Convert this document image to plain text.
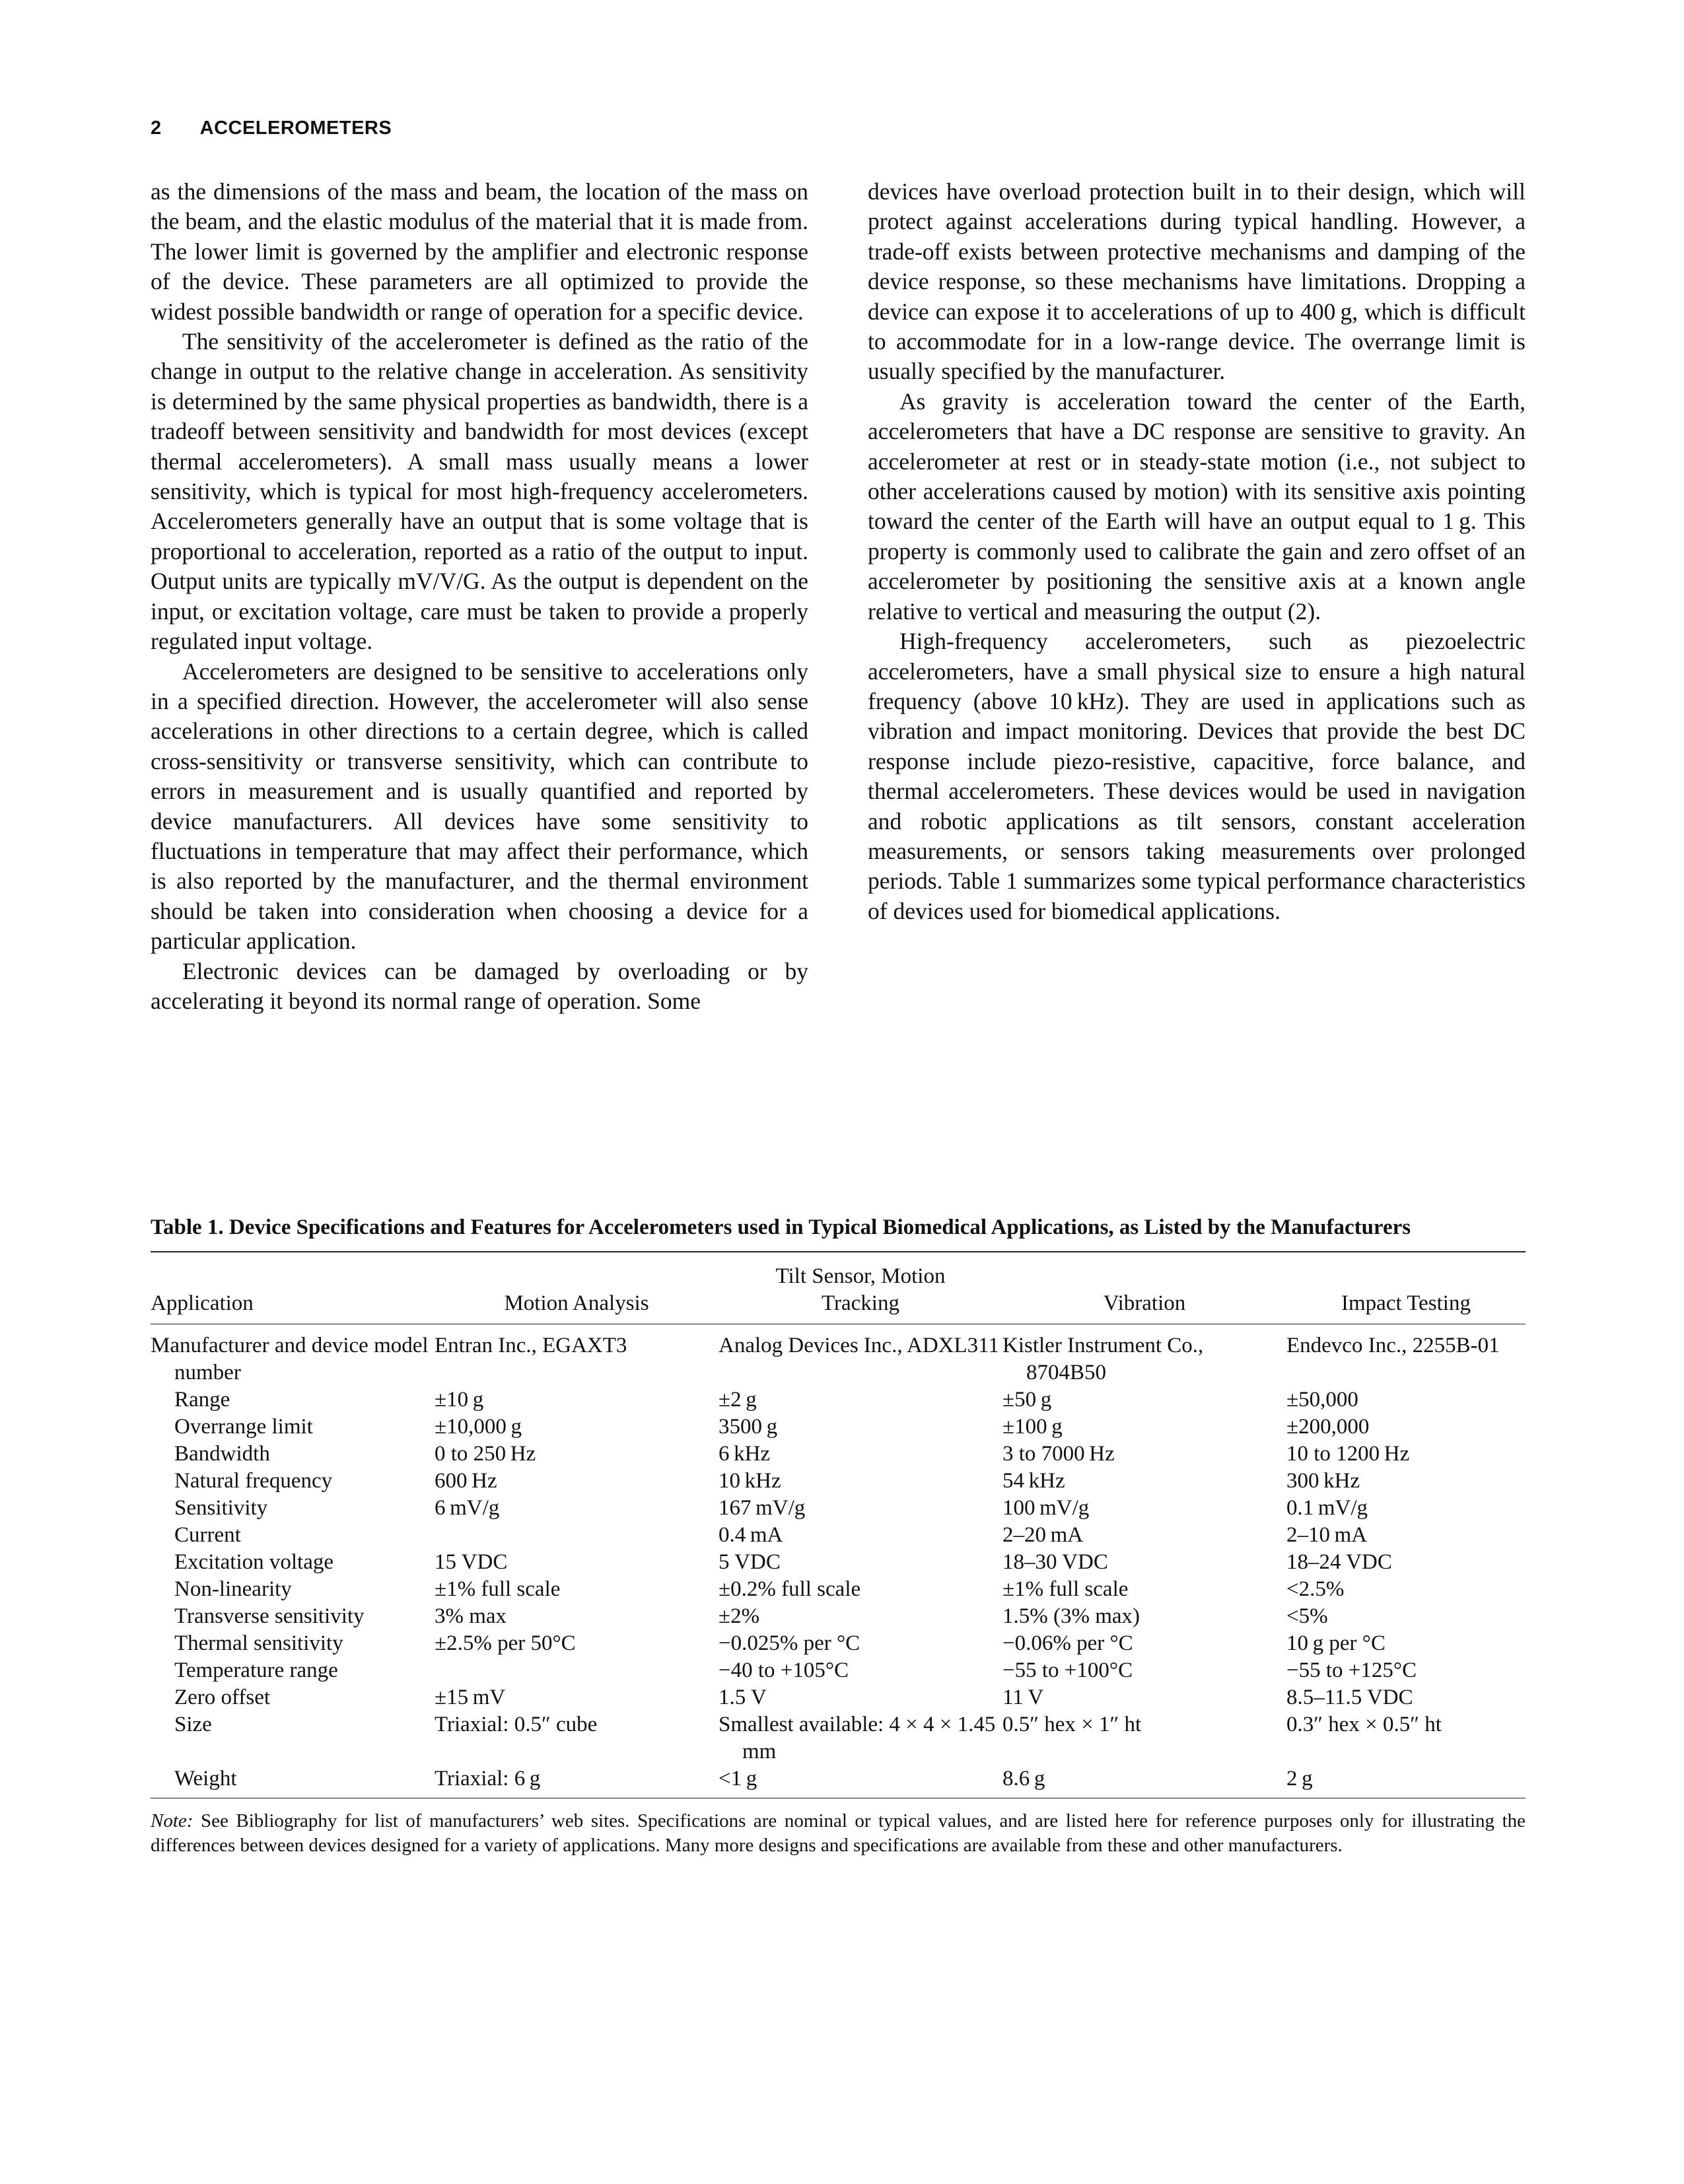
2 ACCELEROMETERS

as the dimensions of the mass and beam, the location of the mass on the beam, and the elastic modulus of the material that it is made from. The lower limit is governed by the amplifier and electronic response of the device. These parameters are all optimized to provide the widest possible bandwidth or range of operation for a specific device.

The sensitivity of the accelerometer is defined as the ratio of the change in output to the relative change in acceleration. As sensitivity is determined by the same physical properties as bandwidth, there is a tradeoff between sensitivity and bandwidth for most devices (except thermal accelerometers). A small mass usually means a lower sensitivity, which is typical for most high-frequency accelerometers. Accelerometers generally have an output that is some voltage that is proportional to acceleration, reported as a ratio of the output to input. Output units are typically mV/V/G. As the output is dependent on the input, or excitation voltage, care must be taken to provide a properly regulated input voltage.

Accelerometers are designed to be sensitive to accelerations only in a specified direction. However, the accelerometer will also sense accelerations in other directions to a certain degree, which is called cross-sensitivity or transverse sensitivity, which can contribute to errors in measurement and is usually quantified and reported by device manufacturers. All devices have some sensitivity to fluctuations in temperature that may affect their performance, which is also reported by the manufacturer, and the thermal environment should be taken into consideration when choosing a device for a particular application.

Electronic devices can be damaged by overloading or by accelerating it beyond its normal range of operation. Some

devices have overload protection built in to their design, which will protect against accelerations during typical handling. However, a trade-off exists between protective mechanisms and damping of the device response, so these mechanisms have limitations. Dropping a device can expose it to accelerations of up to 400 g, which is difficult to accommodate for in a low-range device. The overrange limit is usually specified by the manufacturer.

As gravity is acceleration toward the center of the Earth, accelerometers that have a DC response are sensitive to gravity. An accelerometer at rest or in steady-state motion (i.e., not subject to other accelerations caused by motion) with its sensitive axis pointing toward the center of the Earth will have an output equal to 1 g. This property is commonly used to calibrate the gain and zero offset of an accelerometer by positioning the sensitive axis at a known angle relative to vertical and measuring the output (2).

High-frequency accelerometers, such as piezoelectric accelerometers, have a small physical size to ensure a high natural frequency (above 10 kHz). They are used in applications such as vibration and impact monitoring. Devices that provide the best DC response include piezo-resistive, capacitive, force balance, and thermal accelerometers. These devices would be used in navigation and robotic applications as tilt sensors, constant acceleration measurements, or sensors taking measurements over prolonged periods. Table 1 summarizes some typical performance characteristics of devices used for biomedical applications.

Table 1. Device Specifications and Features for Accelerometers used in Typical Biomedical Applications, as Listed by the Manufacturers
Application	Motion Analysis	Tilt Sensor, Motion Tracking	Vibration	Impact Testing

Manufacturer and device model number	Entran Inc., EGAXT3	Analog Devices Inc., ADXL311	Kistler Instrument Co., 8704B50	Endevco Inc., 2255B-01

Range	±10 g	±2 g	±50 g	±50,000

Overrange limit	±10,000 g	3500 g	±100 g	±200,000

Bandwidth	0 to 250 Hz	6 kHz	3 to 7000 Hz	10 to 1200 Hz

Natural frequency	600 Hz	10 kHz	54 kHz	300 kHz

Sensitivity	6 mV/g	167 mV/g	100 mV/g	0.1 mV/g

Current		0.4 mA	2–20 mA	2–10 mA

Excitation voltage	15 VDC	5 VDC	18–30 VDC	18–24 VDC

Non-linearity	±1% full scale	±0.2% full scale	±1% full scale	<2.5%

Transverse sensitivity	3% max	±2%	1.5% (3% max)	<5%

Thermal sensitivity	±2.5% per 50°C	−0.025% per °C	−0.06% per °C	10 g per °C

Temperature range		−40 to +105°C	−55 to +100°C	−55 to +125°C

Zero offset	±15 mV	1.5 V	11 V	8.5–11.5 VDC

Size	Triaxial: 0.5″ cube	Smallest available: 4 × 4 × 1.45 mm	0.5″ hex × 1″ ht	0.3″ hex × 0.5″ ht

Weight	Triaxial: 6 g	<1 g	8.6 g	2 g
Note: See Bibliography for list of manufacturers’ web sites. Specifications are nominal or typical values, and are listed here for reference purposes only for illustrating the differences between devices designed for a variety of applications. Many more designs and specifications are available from these and other manufacturers.
